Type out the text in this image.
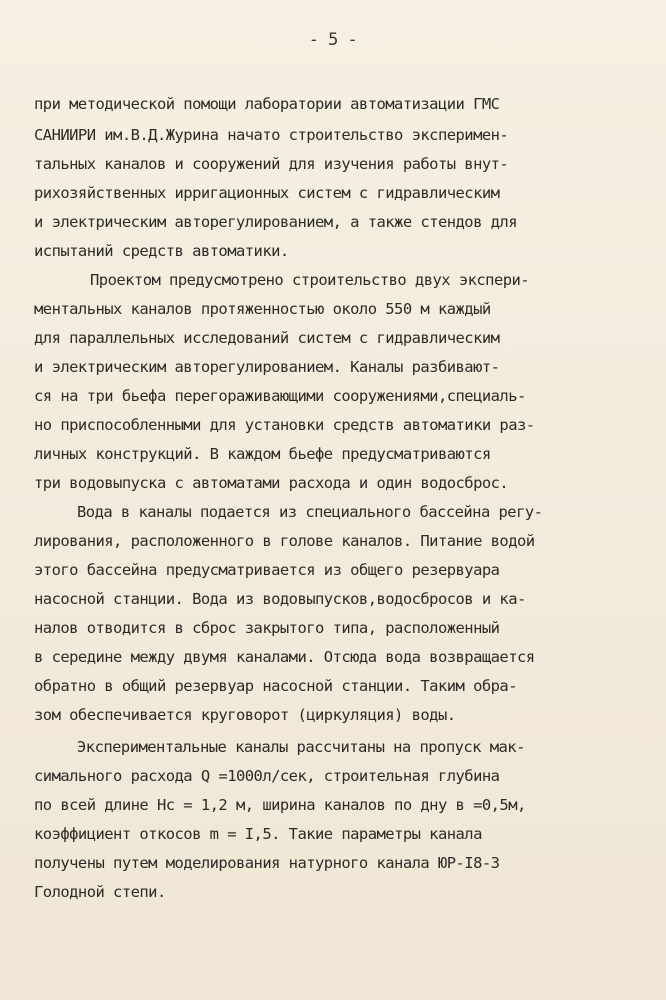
- 5 -
при методической помощи лаборатории автоматизации ГМС
САНИИРИ им.В.Д.Журина начато строительство эксперимен-
тальных каналов и сооружений для изучения работы внут-
рихозяйственных ирригационных систем с гидравлическим
и электрическим авторегулированием, а также стендов для
испытаний средств автоматики.
Проектом предусмотрено строительство двух экспери-
ментальных каналов протяженностью около 550 м каждый
для параллельных исследований систем с гидравлическим
и электрическим авторегулированием. Каналы разбивают-
ся на три бьефа перегораживающими сооружениями,специаль-
но приспособленными для установки средств автоматики раз-
личных конструкций. В каждом бьефе предусматриваются
три водовыпуска с автоматами расхода и один водосброс.
Вода в каналы подается из специального бассейна регу-
лирования, расположенного в голове каналов. Питание водой
этого бассейна предусматривается из общего резервуара
насосной станции. Вода из водовыпусков,водосбросов и ка-
налов отводится в сброс закрытого типа, расположенный
в середине между двумя каналами. Отсюда вода возвращается
обратно в общий резервуар насосной станции. Таким обра-
зом обеспечивается круговорот (циркуляция) воды.
Экспериментальные каналы рассчитаны на пропуск мак-
симального расхода Q =1000л/сек, строительная глубина
по всей длине Hс = 1,2 м, ширина каналов по дну в =0,5м,
коэффициент откосов m = I,5. Такие параметры канала
получены путем моделирования натурного канала ЮР-I8-3
Голодной степи.
